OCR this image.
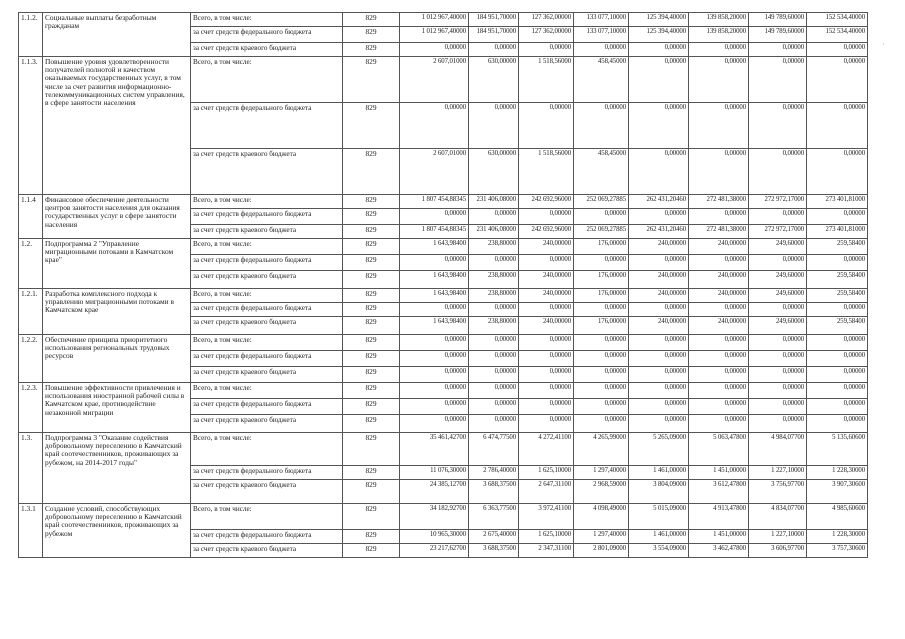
1.1.2.	Социальные выплаты безработным гражданам	Всего, в том числе:	829	1 012 967,40000	184 951,70000	127 362,00000	133 077,10000	125 394,40000	139 858,20000	149 789,60000	152 534,40000
		за счет средств федерального бюджета	829	1 012 967,40000	184 951,70000	127 362,00000	133 077,10000	125 394,40000	139 858,20000	149 789,60000	152 534,40000
		за счет средств краевого бюджета	829	0,00000	0,00000	0,00000	0,00000	0,00000	0,00000	0,00000	0,00000
1.1.3.	Повышение уровня удовлетворенности получателей полнотой и качеством оказываемых государственных услуг, в том числе за счет развития информационно-телекоммуникационных систем управления, в сфере занятости населения	Всего, в том числе:	829	2 607,01000	630,00000	1 518,56000	458,45000	0,00000	0,00000	0,00000	0,00000
		за счет средств федерального бюджета	829	0,00000	0,00000	0,00000	0,00000	0,00000	0,00000	0,00000	0,00000
		за счет средств краевого бюджета	829	2 607,01000	630,00000	1 518,56000	458,45000	0,00000	0,00000	0,00000	0,00000
1.1.4	Финансовое обеспечение деятельности центров занятости населения для оказания государственных услуг в сфере занятости населения	Всего, в том числе:	829	1 807 454,88345	231 406,08000	242 692,96000	252 069,27885	262 431,20460	272 481,38000	272 972,17000	273 401,81000
		за счет средств федерального бюджета	829	0,00000	0,00000	0,00000	0,00000	0,00000	0,00000	0,00000	0,00000
		за счет средств краевого бюджета	829	1 807 454,88345	231 406,08000	242 692,96000	252 069,27885	262 431,20460	272 481,38000	272 972,17000	273 401,81000
1.2.	Подпрограмма 2 "Управление миграционными потоками в Камчатском крае"	Всего, в том числе:	829	1 643,98400	238,80000	240,00000	176,00000	240,00000	240,00000	249,60000	259,58400
		за счет средств федерального бюджета	829	0,00000	0,00000	0,00000	0,00000	0,00000	0,00000	0,00000	0,00000
		за счет средств краевого бюджета	829	1 643,98400	238,80000	240,00000	176,00000	240,00000	240,00000	249,60000	259,58400
1.2.1.	Разработка комплексного подхода к управлению миграционными потоками в Камчатском крае	Всего, в том числе:	829	1 643,98400	238,80000	240,00000	176,00000	240,00000	240,00000	249,60000	259,58400
		за счет средств федерального бюджета	829	0,00000	0,00000	0,00000	0,00000	0,00000	0,00000	0,00000	0,00000
		за счет средств краевого бюджета	829	1 643,98400	238,80000	240,00000	176,00000	240,00000	240,00000	249,60000	259,58400
1.2.2.	Обеспечение принципа приоритетного использования региональных трудовых ресурсов	Всего, в том числе:	829	0,00000	0,00000	0,00000	0,00000	0,00000	0,00000	0,00000	0,00000
		за счет средств федерального бюджета	829	0,00000	0,00000	0,00000	0,00000	0,00000	0,00000	0,00000	0,00000
		за счет средств краевого бюджета	829	0,00000	0,00000	0,00000	0,00000	0,00000	0,00000	0,00000	0,00000
1.2.3.	Повышение эффективности привлечения и использования иностранной рабочей силы в Камчатском крае, противодействие незаконной миграции	Всего, в том числе:	829	0,00000	0,00000	0,00000	0,00000	0,00000	0,00000	0,00000	0,00000
		за счет средств федерального бюджета	829	0,00000	0,00000	0,00000	0,00000	0,00000	0,00000	0,00000	0,00000
		за счет средств краевого бюджета	829	0,00000	0,00000	0,00000	0,00000	0,00000	0,00000	0,00000	0,00000
1.3.	Подпрограмма 3 "Оказание содействия добровольному переселению в Камчатский край соотечественников, проживающих за рубежом, на 2014-2017 годы"	Всего, в том числе:	829	35 461,42700	6 474,77500	4 272,41100	4 265,99000	5 265,09000	5 063,47800	4 984,07700	5 135,60600
		за счет средств федерального бюджета	829	11 076,30000	2 786,40000	1 625,10000	1 297,40000	1 461,00000	1 451,00000	1 227,10000	1 228,30000
		за счет средств краевого бюджета	829	24 385,12700	3 688,37500	2 647,31100	2 968,59000	3 804,09000	3 612,47800	3 756,97700	3 907,30600
1.3.1	Создание условий, способствующих добровольному переселению в Камчатский край соотечественников, проживающих за рубежом	Всего, в том числе:	829	34 182,92700	6 363,77500	3 972,41100	4 098,49000	5 015,09000	4 913,47800	4 834,07700	4 985,60600
		за счет средств федерального бюджета	829	10 965,30000	2 675,40000	1 625,10000	1 297,40000	1 461,00000	1 451,00000	1 227,10000	1 228,30000
		за счет средств краевого бюджета	829	23 217,62700	3 688,37500	2 347,31100	2 801,09000	3 554,09000	3 462,47800	3 606,97700	3 757,30600
·
